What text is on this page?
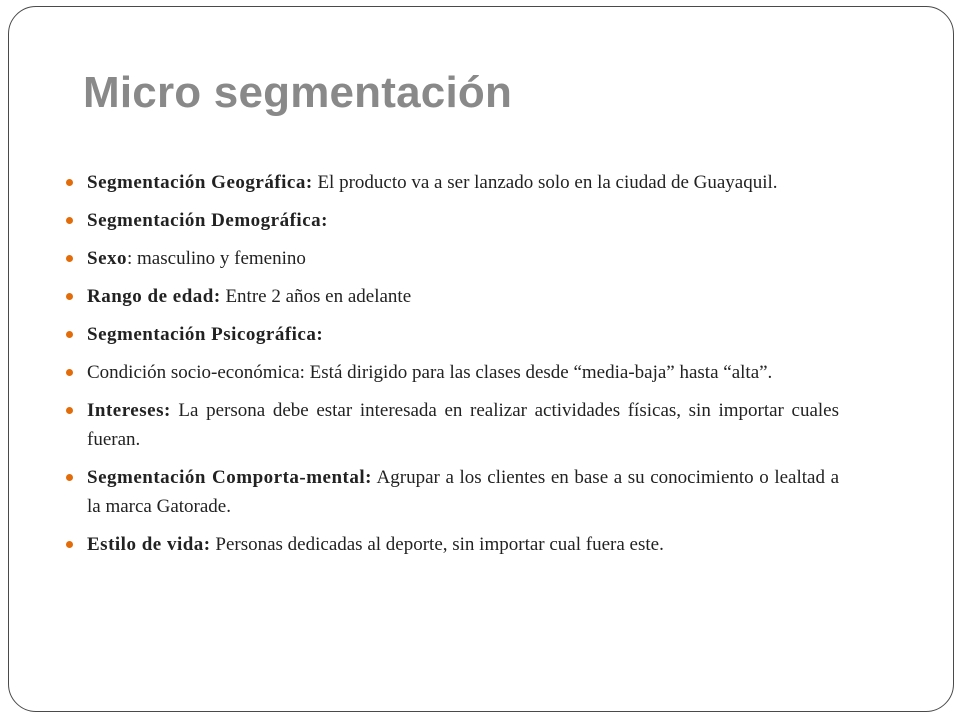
Micro segmentación
Segmentación Geográfica: El producto va a ser lanzado solo en la ciudad de Guayaquil.
Segmentación Demográfica:
Sexo: masculino y femenino
Rango de edad: Entre 2 años en adelante
Segmentación Psicográfica:
Condición socio-económica: Está dirigido para las clases desde “media-baja” hasta “alta”.
Intereses: La persona debe estar interesada en realizar actividades físicas, sin importar cuales fueran.
Segmentación Comporta-mental: Agrupar a los clientes en base a su conocimiento o lealtad a la marca Gatorade.
Estilo de vida: Personas dedicadas al deporte, sin importar cual fuera este.
